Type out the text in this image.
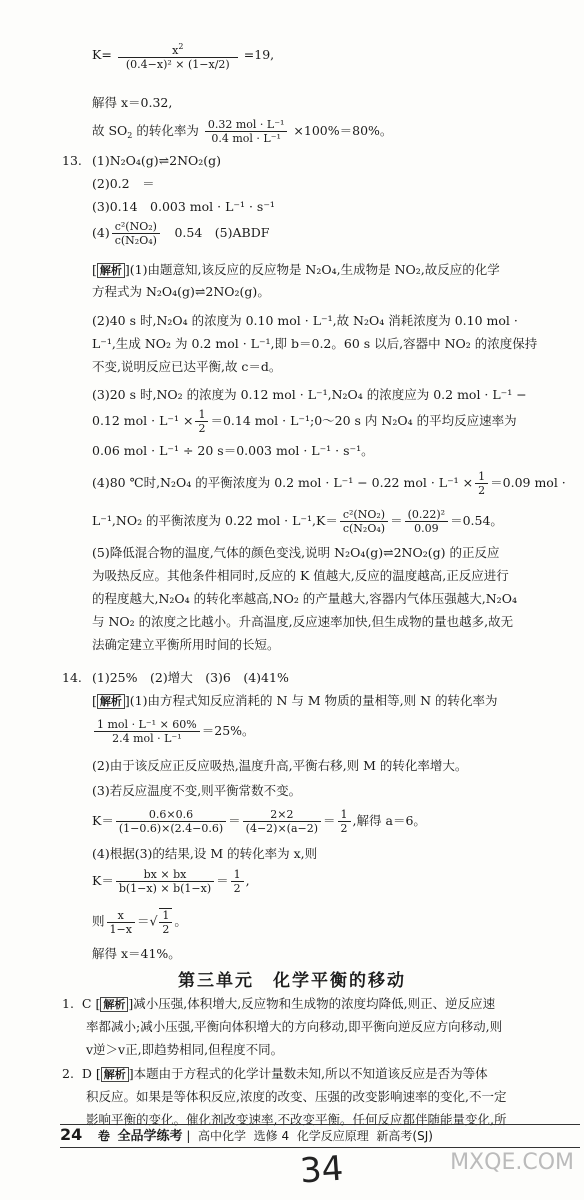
$K= \frac{x^2}{\text{(0.4−x)² × (1−x/2)}} =19$,
解得 x＝0.32,
故 $SO_2$ 的转化率为 0.32 mol · L⁻¹
0.4 mol · L⁻¹
×100%＝80%。
13. (1)N₂O₄(g)⇌2NO₂(g)
(2)0.2　＝
(3)0.14　0.003 mol · L⁻¹ · s⁻¹
$(4) \frac{\text{c²(NO₂)}}{\text{c(N₂O₄)}}$ 　0.54　(5)ABDF
[ 解析 ](1)由题意知,该反应的反应物是 N₂O₄,生成物是 NO₂,故反应的化学
方程式为 N₂O₄(g)⇌2NO₂(g)。
(2)40 s 时,N₂O₄ 的浓度为 0.10 mol · L⁻¹,故 N₂O₄ 消耗浓度为 0.10 mol ·
L⁻¹,生成 NO₂ 为 0.2 mol · L⁻¹,即 b＝0.2。60 s 以后,容器中 NO₂ 的浓度保持
不变,说明反应已达平衡,故 c＝d。
(3)20 s 时,NO₂ 的浓度为 0.12 mol · L⁻¹,N₂O₄ 的浓度应为 0.2 mol · L⁻¹ −
0.12 mol · $L^{-1} \times \frac{1}{2} =0.14$ mol · L⁻¹;0～20 s 内 N₂O₄ 的平均反应速率为
0.06 mol · L⁻¹ ÷ 20 s＝0.003 mol · L⁻¹ · s⁻¹。
(4)80 ℃时,N₂O₄ 的平衡浓度为 0.2 mol · L⁻¹ − 0.22 mol · $L^{-1} \times \frac{1}{2} =0.09$ mol ·
L⁻¹,NO₂ 的平衡浓度为 0.22 mol · $L^{-1},K= \frac{\text{c²(NO₂)}}{\text{c(N₂O₄)}} = \frac{\text{(0.22)²}}{0.09} =0.54$。
(5)降低混合物的温度,气体的颜色变浅,说明 N₂O₄(g)⇌2NO₂(g) 的正反应
为吸热反应。其他条件相同时,反应的 K 值越大,反应的温度越高,正反应进行
的程度越大,N₂O₄ 的转化率越高,NO₂ 的产量越大,容器内气体压强越大,N₂O₄
与 NO₂ 的浓度之比越小。升高温度,反应速率加快,但生成物的量也越多,故无
法确定建立平衡所用时间的长短。
14. (1)25%　(2)增大　(3)6　(4)41%
[ 解析 ](1)由方程式知反应消耗的 N 与 M 物质的量相等,则 N 的转化率为
1 mol · L⁻¹ × 60%
2.4 mol · L⁻¹
＝25%。
(2)由于该反应正反应吸热,温度升高,平衡右移,则 M 的转化率增大。
(3)若反应温度不变,则平衡常数不变。
$K= \frac{0.6\times 0.6}{(1-0.6)\times(2.4-0.6)} = \frac{2\times 2}{(4-2)\times(a-2)} = \frac{1}{2}$ ,解得 a＝6。
(4)根据(3)的结果,设 M 的转化率为 x,则
$K= \frac{bx \times bx}{b(1-x) \times b(1-x)} = \frac{1}{2}$ ,
则 $\frac{x}{1-x}$ ＝√ $\frac{1}{2}$ 。
解得 x＝41%。
第三单元　化学平衡的移动
1. C [ 解析 ]减小压强,体积增大,反应物和生成物的浓度均降低,则正、逆反应速
率都减小;减小压强,平衡向体积增大的方向移动,即平衡向逆反应方向移动,则
v逆＞v正,即趋势相同,但程度不同。
2. D [ 解析 ]本题由于方程式的化学计量数未知,所以不知道该反应是否为等体
积反应。如果是等体积反应,浓度的改变、压强的改变影响速率的变化,不一定
影响平衡的变化。催化剂改变速率,不改变平衡。任何反应都伴随能量变化,所
卷 全品学练考 |  高中化学 选修 4 化学反应原理 新高考(SJ)
24
34	MXQE.COM
